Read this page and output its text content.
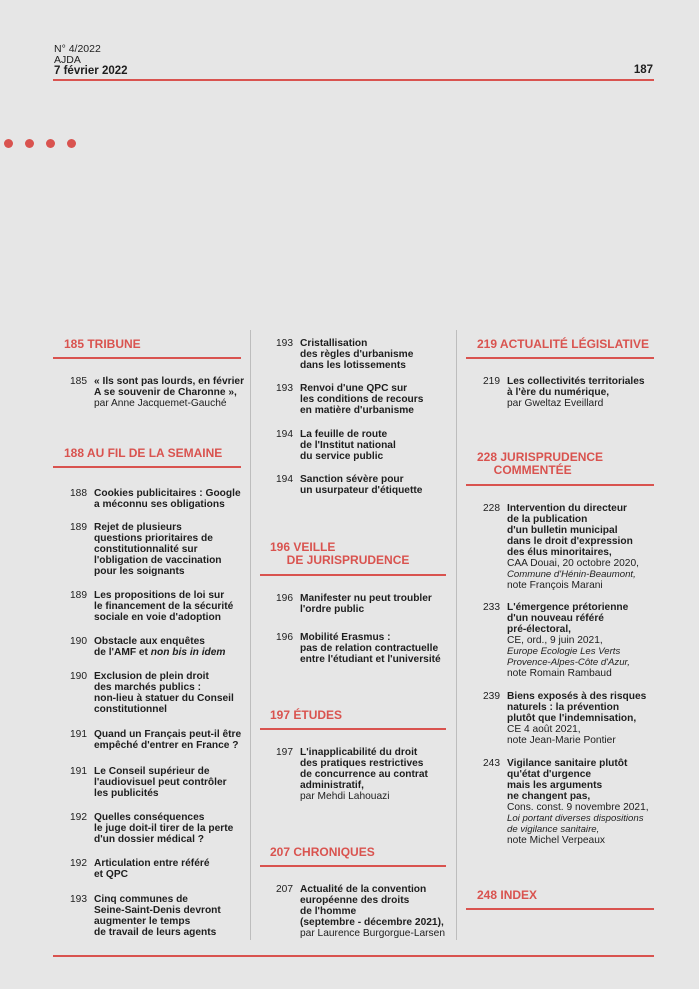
N° 4/2022
AJDA
7 février 2022	187
185 TRIBUNE
185 « Ils sont pas lourds, en février
A se souvenir de Charonne »,
par Anne Jacquemet-Gauché
188 AU FIL DE LA SEMAINE
188 Cookies publicitaires : Google
a méconnu ses obligations
189 Rejet de plusieurs
questions prioritaires de
constitutionnalité sur
l'obligation de vaccination
pour les soignants
189 Les propositions de loi sur
le financement de la sécurité
sociale en voie d'adoption
190 Obstacle aux enquêtes
de l'AMF et non bis in idem
190 Exclusion de plein droit
des marchés publics :
non-lieu à statuer du Conseil
constitutionnel
191 Quand un Français peut-il être
empêché d'entrer en France ?
191 Le Conseil supérieur de
l'audiovisuel peut contrôler
les publicités
192 Quelles conséquences
le juge doit-il tirer de la perte
d'un dossier médical ?
192 Articulation entre référé
et QPC
193 Cinq communes de
Seine-Saint-Denis devront
augmenter le temps
de travail de leurs agents
193 Cristallisation
des règles d'urbanisme
dans les lotissements
193 Renvoi d'une QPC sur
les conditions de recours
en matière d'urbanisme
194 La feuille de route
de l'Institut national
du service public
194 Sanction sévère pour
un usurpateur d'étiquette
196 VEILLE
DE JURISPRUDENCE
196 Manifester nu peut troubler
l'ordre public
196 Mobilité Erasmus :
pas de relation contractuelle
entre l'étudiant et l'université
197 ÉTUDES
197 L'inapplicabilité du droit
des pratiques restrictives
de concurrence au contrat
administratif,
par Mehdi Lahouazi
207 CHRONIQUES
207 Actualité de la convention
européenne des droits
de l'homme
(septembre - décembre 2021),
par Laurence Burgorgue-Larsen
219 ACTUALITÉ LÉGISLATIVE
219 Les collectivités territoriales
à l'ère du numérique,
par Gweltaz Eveillard
228 JURISPRUDENCE
COMMENTÉE
228 Intervention du directeur
de la publication
d'un bulletin municipal
dans le droit d'expression
des élus minoritaires,
CAA Douai, 20 octobre 2020,
Commune d'Hénin-Beaumont,
note François Marani
233 L'émergence prétorienne
d'un nouveau référé
pré-électoral,
CE, ord., 9 juin 2021,
Europe Ecologie Les Verts
Provence-Alpes-Côte d'Azur,
note Romain Rambaud
239 Biens exposés à des risques
naturels : la prévention
plutôt que l'indemnisation,
CE 4 août 2021,
note Jean-Marie Pontier
243 Vigilance sanitaire plutôt
qu'état d'urgence
mais les arguments
ne changent pas,
Cons. const. 9 novembre 2021,
Loi portant diverses dispositions
de vigilance sanitaire,
note Michel Verpeaux
248 INDEX
